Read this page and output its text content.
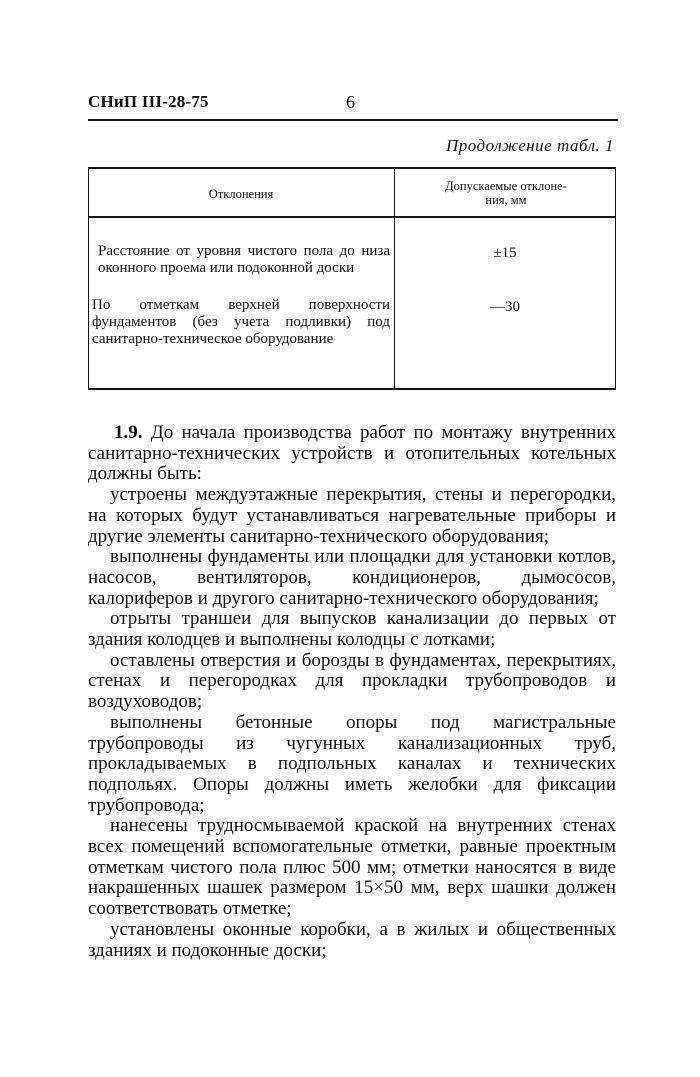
СНиП III-28-75	6
Продолжение табл. 1
Отклонения
Допускаемые отклоне-
ния, мм
Расстояние от уровня чистого пола до низа оконного проема или подоконной доски
±15
По отметкам верхней поверхности фундаментов (без учета подливки) под санитарно-техническое оборудование
—30

1.9. До начала производства работ по монтажу внутренних санитарно-технических устройств и отопительных котельных должны быть:

устроены междуэтажные перекрытия, стены и перегородки, на которых будут устанавливаться нагревательные приборы и другие элементы санитарно-технического оборудования;

выполнены фундаменты или площадки для установки котлов, насосов, вентиляторов, кондиционеров, дымососов, калориферов и другого санитарно-технического оборудования;

отрыты траншеи для выпусков канализации до первых от здания колодцев и выполнены колодцы с лотками;

оставлены отверстия и борозды в фундаментах, перекрытиях, стенах и перегородках для прокладки трубопроводов и воздуховодов;

выполнены бетонные опоры под магистральные трубопроводы из чугунных канализационных труб, прокладываемых в подпольных каналах и технических подпольях. Опоры должны иметь желобки для фиксации трубопровода;

нанесены трудносмываемой краской на внутренних стенах всех помещений вспомогательные отметки, равные проектным отметкам чистого пола плюс 500 мм; отметки наносятся в виде накрашенных шашек размером 15×50 мм, верх шашки должен соответствовать отметке;

установлены оконные коробки, а в жилых и общественных зданиях и подоконные доски;
